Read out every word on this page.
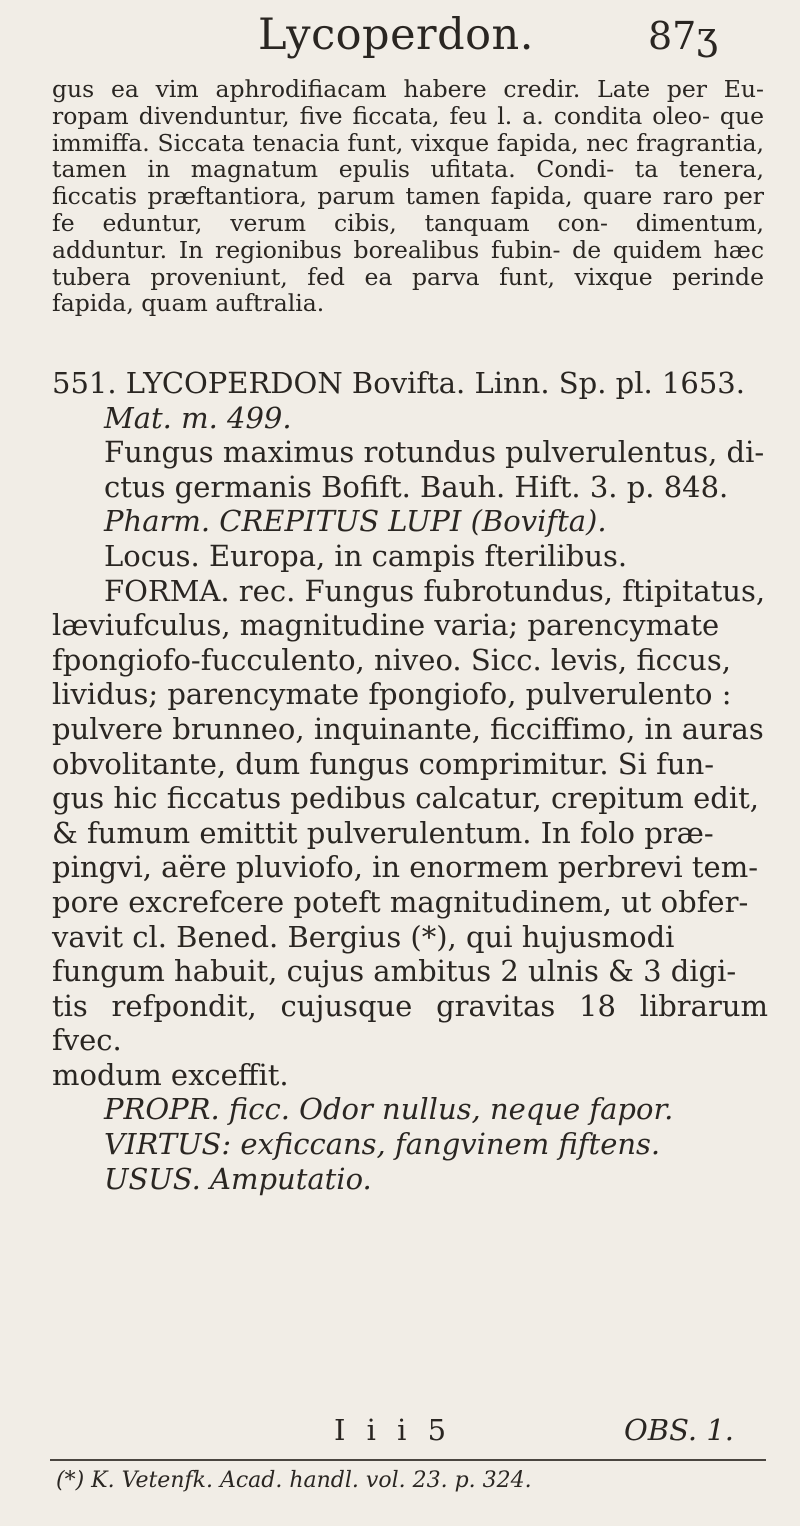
Lycoperdon.	87ʒ

gus ea vim aphrodifiacam habere credir. Late per Eu- ropam divenduntur, five ficcata, feu l. a. condita oleo- que immiffa. Siccata tenacia funt, vixque fapida, nec fragrantia, tamen in magnatum epulis ufitata. Condi- ta tenera, ficcatis præftantiora, parum tamen fapida, quare raro per fe eduntur, verum cibis, tanquam con- dimentum, adduntur. In regionibus borealibus fubin- de quidem hæc tubera proveniunt, fed ea parva funt, vixque perinde fapida, quam auftralia.

551. LYCOPERDON Bovifta. Linn. Sp. pl. 1653.
Mat. m. 499.
Fungus maximus rotundus pulverulentus, di-
ctus germanis Bofift. Bauh. Hift. 3. p. 848.
Pharm. CREPITUS LUPI (Bovifta).
Locus. Europa, in campis fterilibus.
FORMA. rec. Fungus fubrotundus, ftipitatus,
læviufculus, magnitudine varia; parencymate
fpongiofo-fucculento, niveo. Sicc. levis, ficcus,
lividus; parencymate fpongiofo, pulverulento :
pulvere brunneo, inquinante, ficciffimo, in auras
obvolitante, dum fungus comprimitur. Si fun-
gus hic ficcatus pedibus calcatur, crepitum edit,
& fumum emittit pulverulentum. In folo præ-
pingvi, aëre pluviofo, in enormem perbrevi tem-
pore excrefcere poteft magnitudinem, ut obfer-
vavit cl. Bened. Bergius (*), qui hujusmodi
fungum habuit, cujus ambitus 2 ulnis & 3 digi-
tis refpondit, cujusque gravitas 18 librarum fvec.
modum exceffit.
PROPR. ficc. Odor nullus, neque fapor.
VIRTUS: exficcans, fangvinem fiftens.
USUS. Amputatio.
I i i 5	OBS. 1.
(*) K. Vetenfk. Acad. handl. vol. 23. p. 324.
